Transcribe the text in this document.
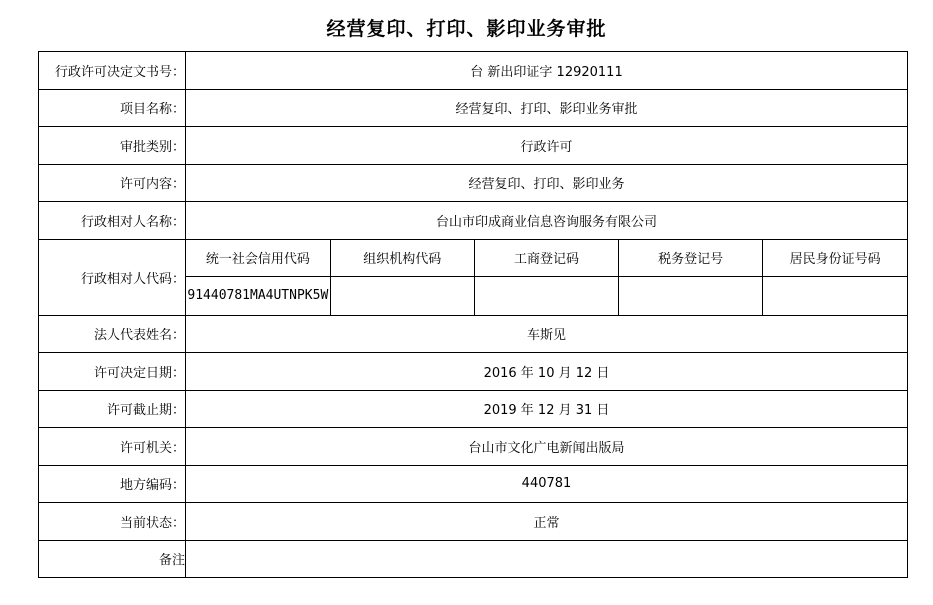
经营复印、打印、影印业务审批
行政许可决定文书号：	台 新出印证字 12920111
项目名称：	经营复印、打印、影印业务审批
审批类别：	行政许可
许可内容：	经营复印、打印、影印业务
行政相对人名称：	台山市印成商业信息咨询服务有限公司
行政相对人代码：	
统一社会信用代码	组织机构代码	工商登记码	税务登记号	居民身份证号码
91440781MA4UTNPK5W				

法人代表姓名：	车斯见
许可决定日期：	2016 年 10 月 12 日
许可截止期：	2019 年 12 月 31 日
许可机关：	台山市文化广电新闻出版局
地方编码：	440781
当前状态：	正常
备注	
